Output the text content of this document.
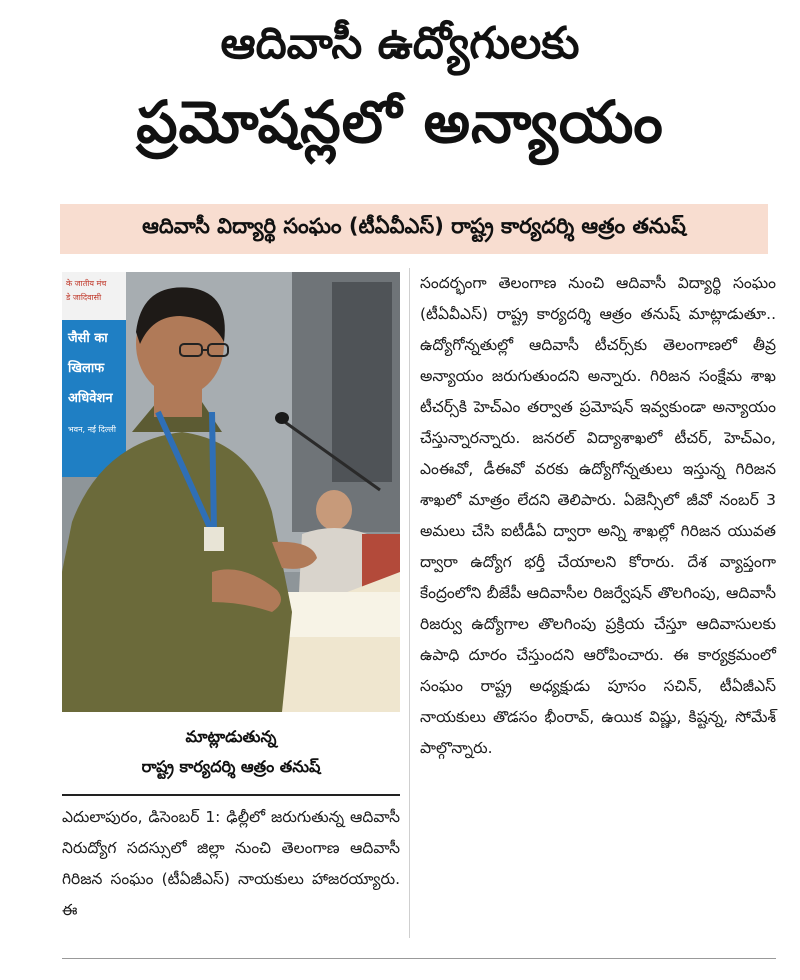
ఆదివాసీ ఉద్యోగులకు
ప్రమోషన్లలో అన్యాయం
ఆదివాసీ విద్యార్థి సంఘం (టీఏవీఎస్) రాష్ట్ర కార్యదర్శి ఆత్రం తనుష్
के जातीय मंच
डे जादिवासी
जैसी का
खिलाफ
अधिवेशन
भवन, नई दिल्ली
మాట్లాడుతున్న
రాష్ట్ర కార్యదర్శి ఆత్రం తనుష్

ఎదులాపురం, డిసెంబర్ 1: ఢిల్లీలో జరుగుతున్న ఆదివాసీ నిరుద్యోగ సదస్సులో జిల్లా నుంచి తెలంగాణ ఆదివాసీ గిరిజన సంఘం (టీఏజీఎస్) నాయకులు హాజరయ్యారు. ఈ

సందర్భంగా తెలంగాణ నుంచి ఆదివాసీ విద్యార్థి సంఘం (టీఏవీఎస్) రాష్ట్ర కార్యదర్శి ఆత్రం తనుష్ మాట్లాడుతూ.. ఉద్యోగోన్నతుల్లో ఆదివాసీ టీచర్స్‌కు తెలంగాణలో తీవ్ర అన్యాయం జరుగుతుందని అన్నారు. గిరిజన సంక్షేమ శాఖ టీచర్స్‌కి హెచ్ఎం తర్వాత ప్రమోషన్ ఇవ్వకుండా అన్యాయం చేస్తున్నారన్నారు. జనరల్ విద్యాశాఖలో టీచర్, హెచ్ఎం, ఎంఈవో, డీఈవో వరకు ఉద్యోగోన్నతులు ఇస్తున్న గిరిజన శాఖలో మాత్రం లేదని తెలిపారు. ఏజెన్సీలో జీవో నంబర్ 3 అమలు చేసి ఐటీడీఏ ద్వారా అన్ని శాఖల్లో గిరిజన యువత ద్వారా ఉద్యోగ భర్తీ చేయాలని కోరారు. దేశ వ్యాప్తంగా కేంద్రంలోని బీజేపీ ఆదివాసీల రిజర్వేషన్ తొలగింపు, ఆదివాసీ రిజర్వు ఉద్యోగాల తొలగింపు ప్రక్రియ చేస్తూ ఆదివాసులకు ఉపాధి దూరం చేస్తుందని ఆరోపించారు. ఈ కార్యక్రమంలో సంఘం రాష్ట్ర అధ్యక్షుడు పూసం సచిన్, టీఏజీఎస్ నాయకులు తొడసం భీంరావ్, ఉయిక విష్ణు, కిష్టన్న, సోమేశ్ పాల్గొన్నారు.
